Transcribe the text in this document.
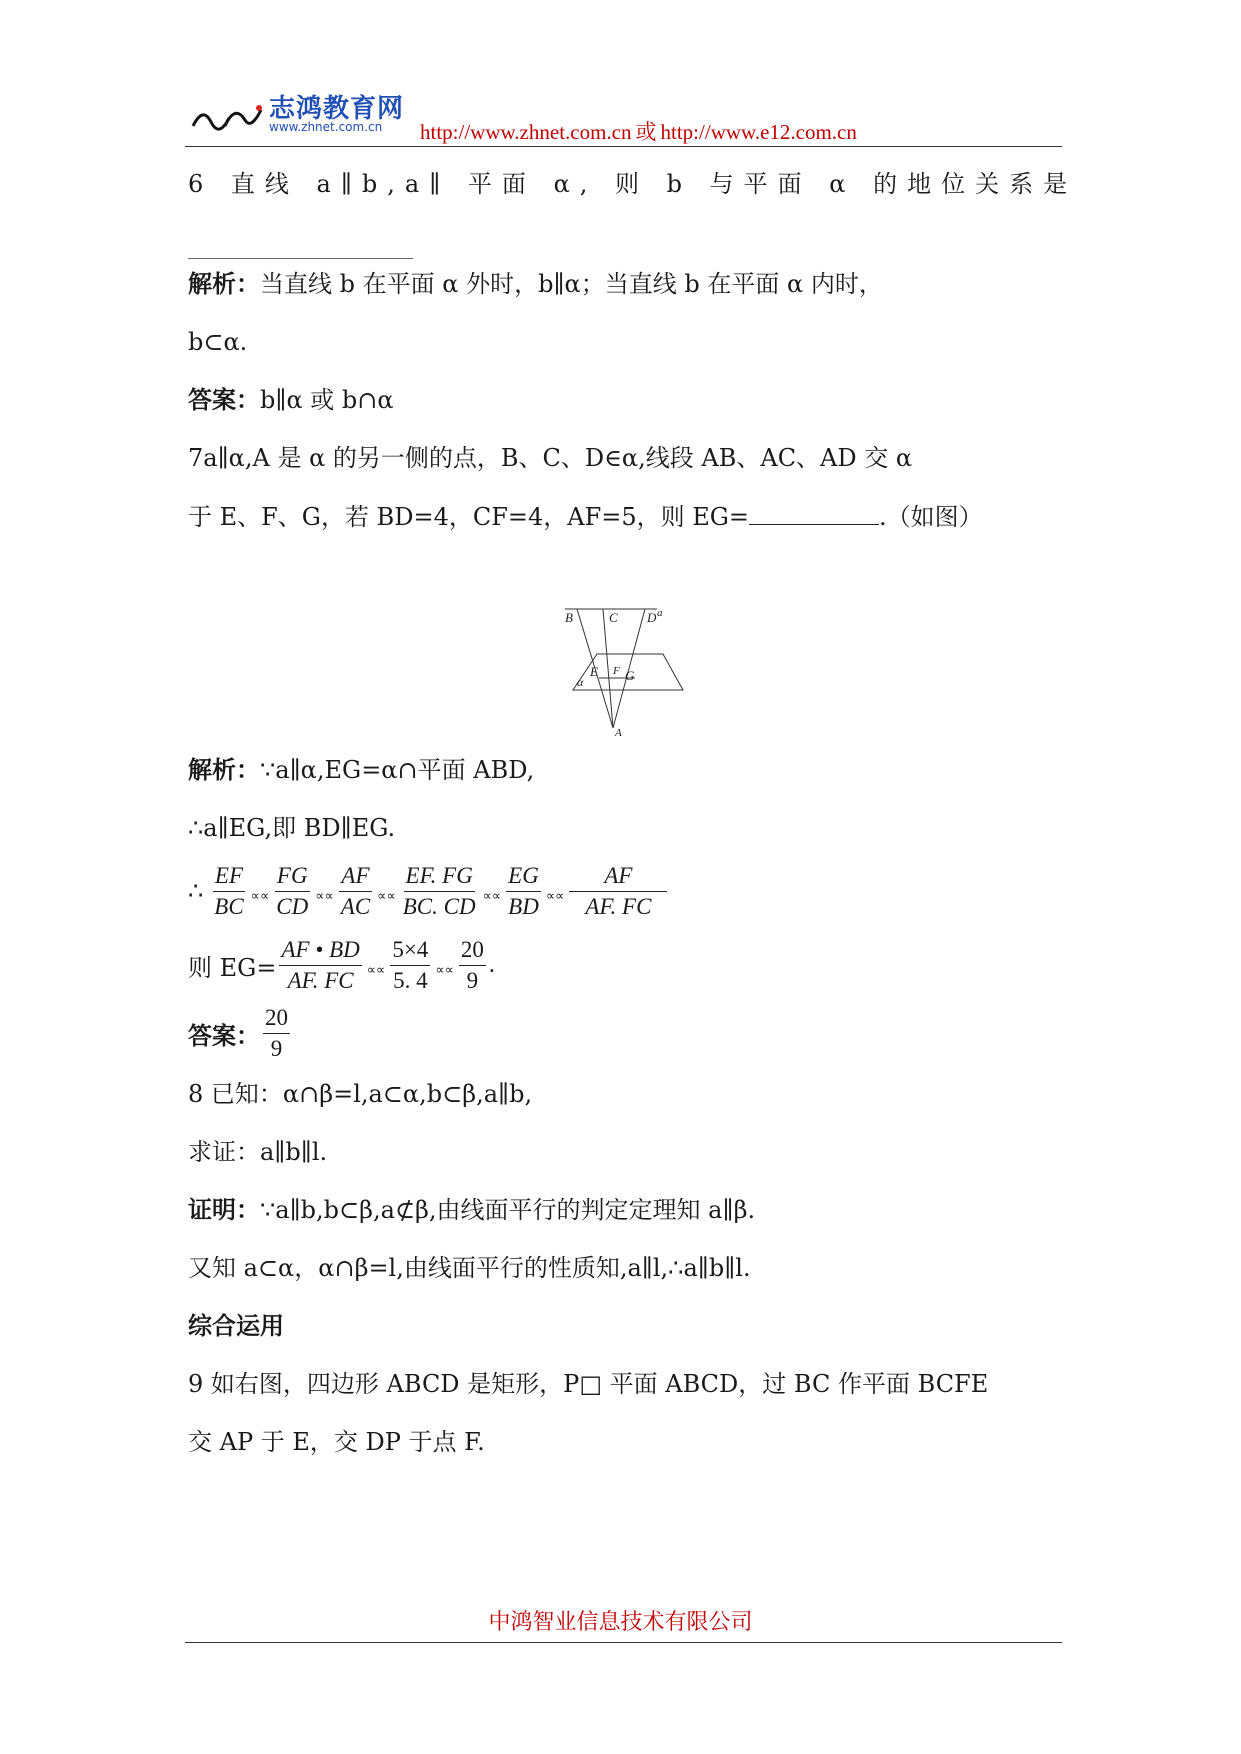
志鸿教育网
www.zhnet.com.cn http://www.zhnet.com.cn 或 http://www.e12.com.cn
6 直线 a∥b,a∥ 平面 α, 则 b 与平面 α 的地位关系是
解析：当直线 b 在平面 α 外时，b∥α；当直线 b 在平面 α 内时，
b⊂α.
答案：b∥α 或 b∩α
7a∥α,A 是 α 的另一侧的点，B、C、D∈α,线段 AB、AC、AD 交 α
于 E、F、G，若 BD=4，CF=4，AF=5，则 EG=	.（如图）
B	C D a
E F G
α
A
解析：∵a∥α,EG=α∩平面 ABD,
∴a∥EG,即 BD∥EG.
∴ $\frac{EF}{BC} \propto\propto \frac{FG}{CD} \propto\propto \frac{AF}{AC} \propto\propto \frac{EF. FG}{BC. CD} \propto\propto \frac{EG}{BD} \propto\propto \frac{AF}{AF. FC}$
则 $EG= \frac{AF • BD}{AF. FC} \propto\propto \frac{5\times 4}{5. 4} \propto\propto \frac{20}{9}$ .
答案： $\frac{20}{9}$
8 已知：α∩β=l,a⊂α,b⊂β,a∥b,
求证：a∥b∥l.
证明：∵a∥b,b⊂β,a⊄β,由线面平行的判定定理知 a∥β.
又知 a⊂α，α∩β=l,由线面平行的性质知,a∥l,∴a∥b∥l.
综合运用
9 如右图，四边形 ABCD 是矩形，P□ 平面 ABCD，过 BC 作平面 BCFE
交 AP 于 E，交 DP 于点 F.
中鸿智业信息技术有限公司
